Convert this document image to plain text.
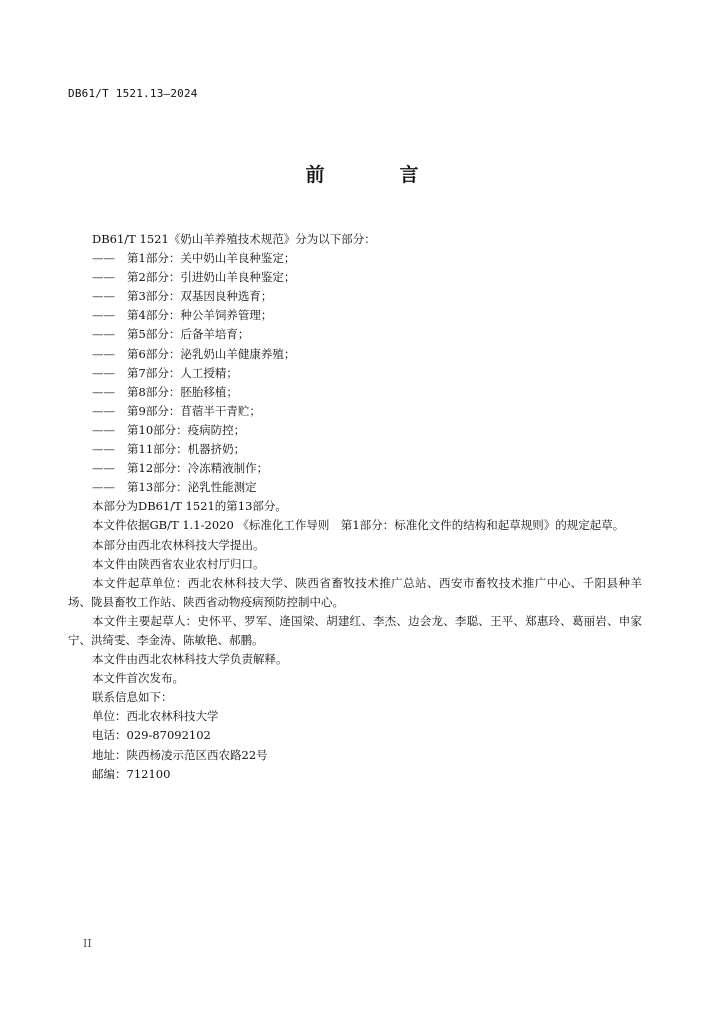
DB61/T 1521.13—2024
前　言

DB61/T 1521《奶山羊养殖技术规范》分为以下部分：

—— 第1部分：关中奶山羊良种鉴定；

—— 第2部分：引进奶山羊良种鉴定；

—— 第3部分：双基因良种选育；

—— 第4部分：种公羊饲养管理；

—— 第5部分：后备羊培育；

—— 第6部分：泌乳奶山羊健康养殖；

—— 第7部分：人工授精；

—— 第8部分：胚胎移植；

—— 第9部分：苜蓿半干青贮；

—— 第10部分：疫病防控；

—— 第11部分：机器挤奶；

—— 第12部分：冷冻精液制作；

—— 第13部分：泌乳性能测定

本部分为DB61/T 1521的第13部分。

本文件依据GB/T 1.1-2020 《标准化工作导则　第1部分：标准化文件的结构和起草规则》的规定起草。

本部分由西北农林科技大学提出。

本文件由陕西省农业农村厅归口。

本文件起草单位：西北农林科技大学、陕西省畜牧技术推广总站、西安市畜牧技术推广中心、千阳县种羊场、陇县畜牧工作站、陕西省动物疫病预防控制中心。

本文件主要起草人：史怀平、罗军、逄国梁、胡建红、李杰、边会龙、李聪、王平、郑惠玲、葛丽岩、申家宁、洪绮雯、李金涛、陈敏艳、郝鹏。

本文件由西北农林科技大学负责解释。

本文件首次发布。

联系信息如下：

单位：西北农林科技大学

电话：029-87092102

地址：陕西杨凌示范区西农路22号

邮编：712100

II
